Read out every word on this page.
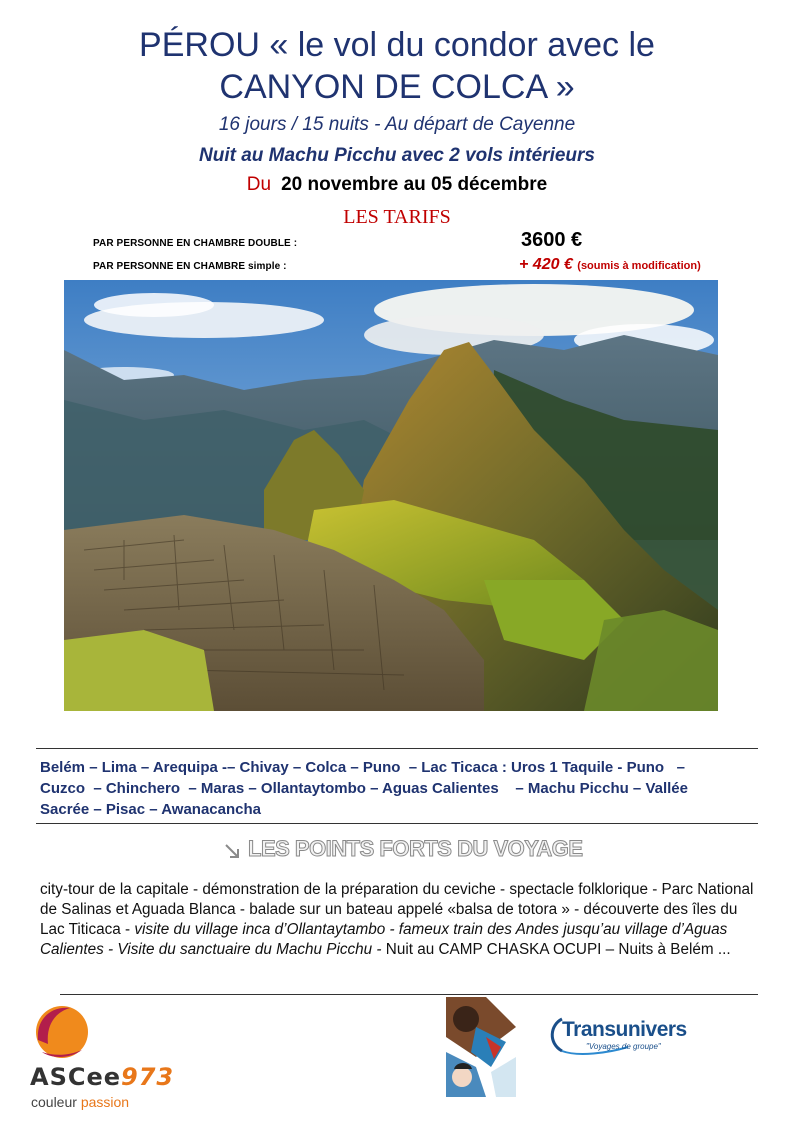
PÉROU « le vol du condor avec le
CANYON DE COLCA »
16 jours / 15 nuits - Au départ de Cayenne
Nuit au Machu Picchu avec 2 vols intérieurs
Du 20 novembre au 05 décembre
LES TARIFS
PAR PERSONNE EN CHAMBRE DOUBLE :	3600 €
PAR PERSONNE EN CHAMBRE simple :	+ 420 € (soumis à modification)
Belém – Lima – Arequipa -– Chivay – Colca – Puno  – Lac Ticaca : Uros 1 Taquile - Puno   –
Cuzco  – Chinchero  – Maras – Ollantaytombo – Aguas Calientes    – Machu Picchu – Vallée
Sacrée – Pisac – Awanacancha
LES POINTS FORTS DU VOYAGE
city-tour de la capitale - démonstration de la préparation du ceviche - spectacle folklorique - Parc National de Salinas et Aguada Blanca - balade sur un bateau appelé «balsa de totora » - découverte des îles du Lac Titicaca - visite du village inca d’Ollantaytambo - fameux train des Andes jusqu’au village d’Aguas Calientes - Visite du sanctuaire du Machu Picchu - Nuit au CAMP CHASKA OCUPI – Nuits à Belém ...
ASCee973
couleur passion
Transunivers
"Voyages de groupe"
